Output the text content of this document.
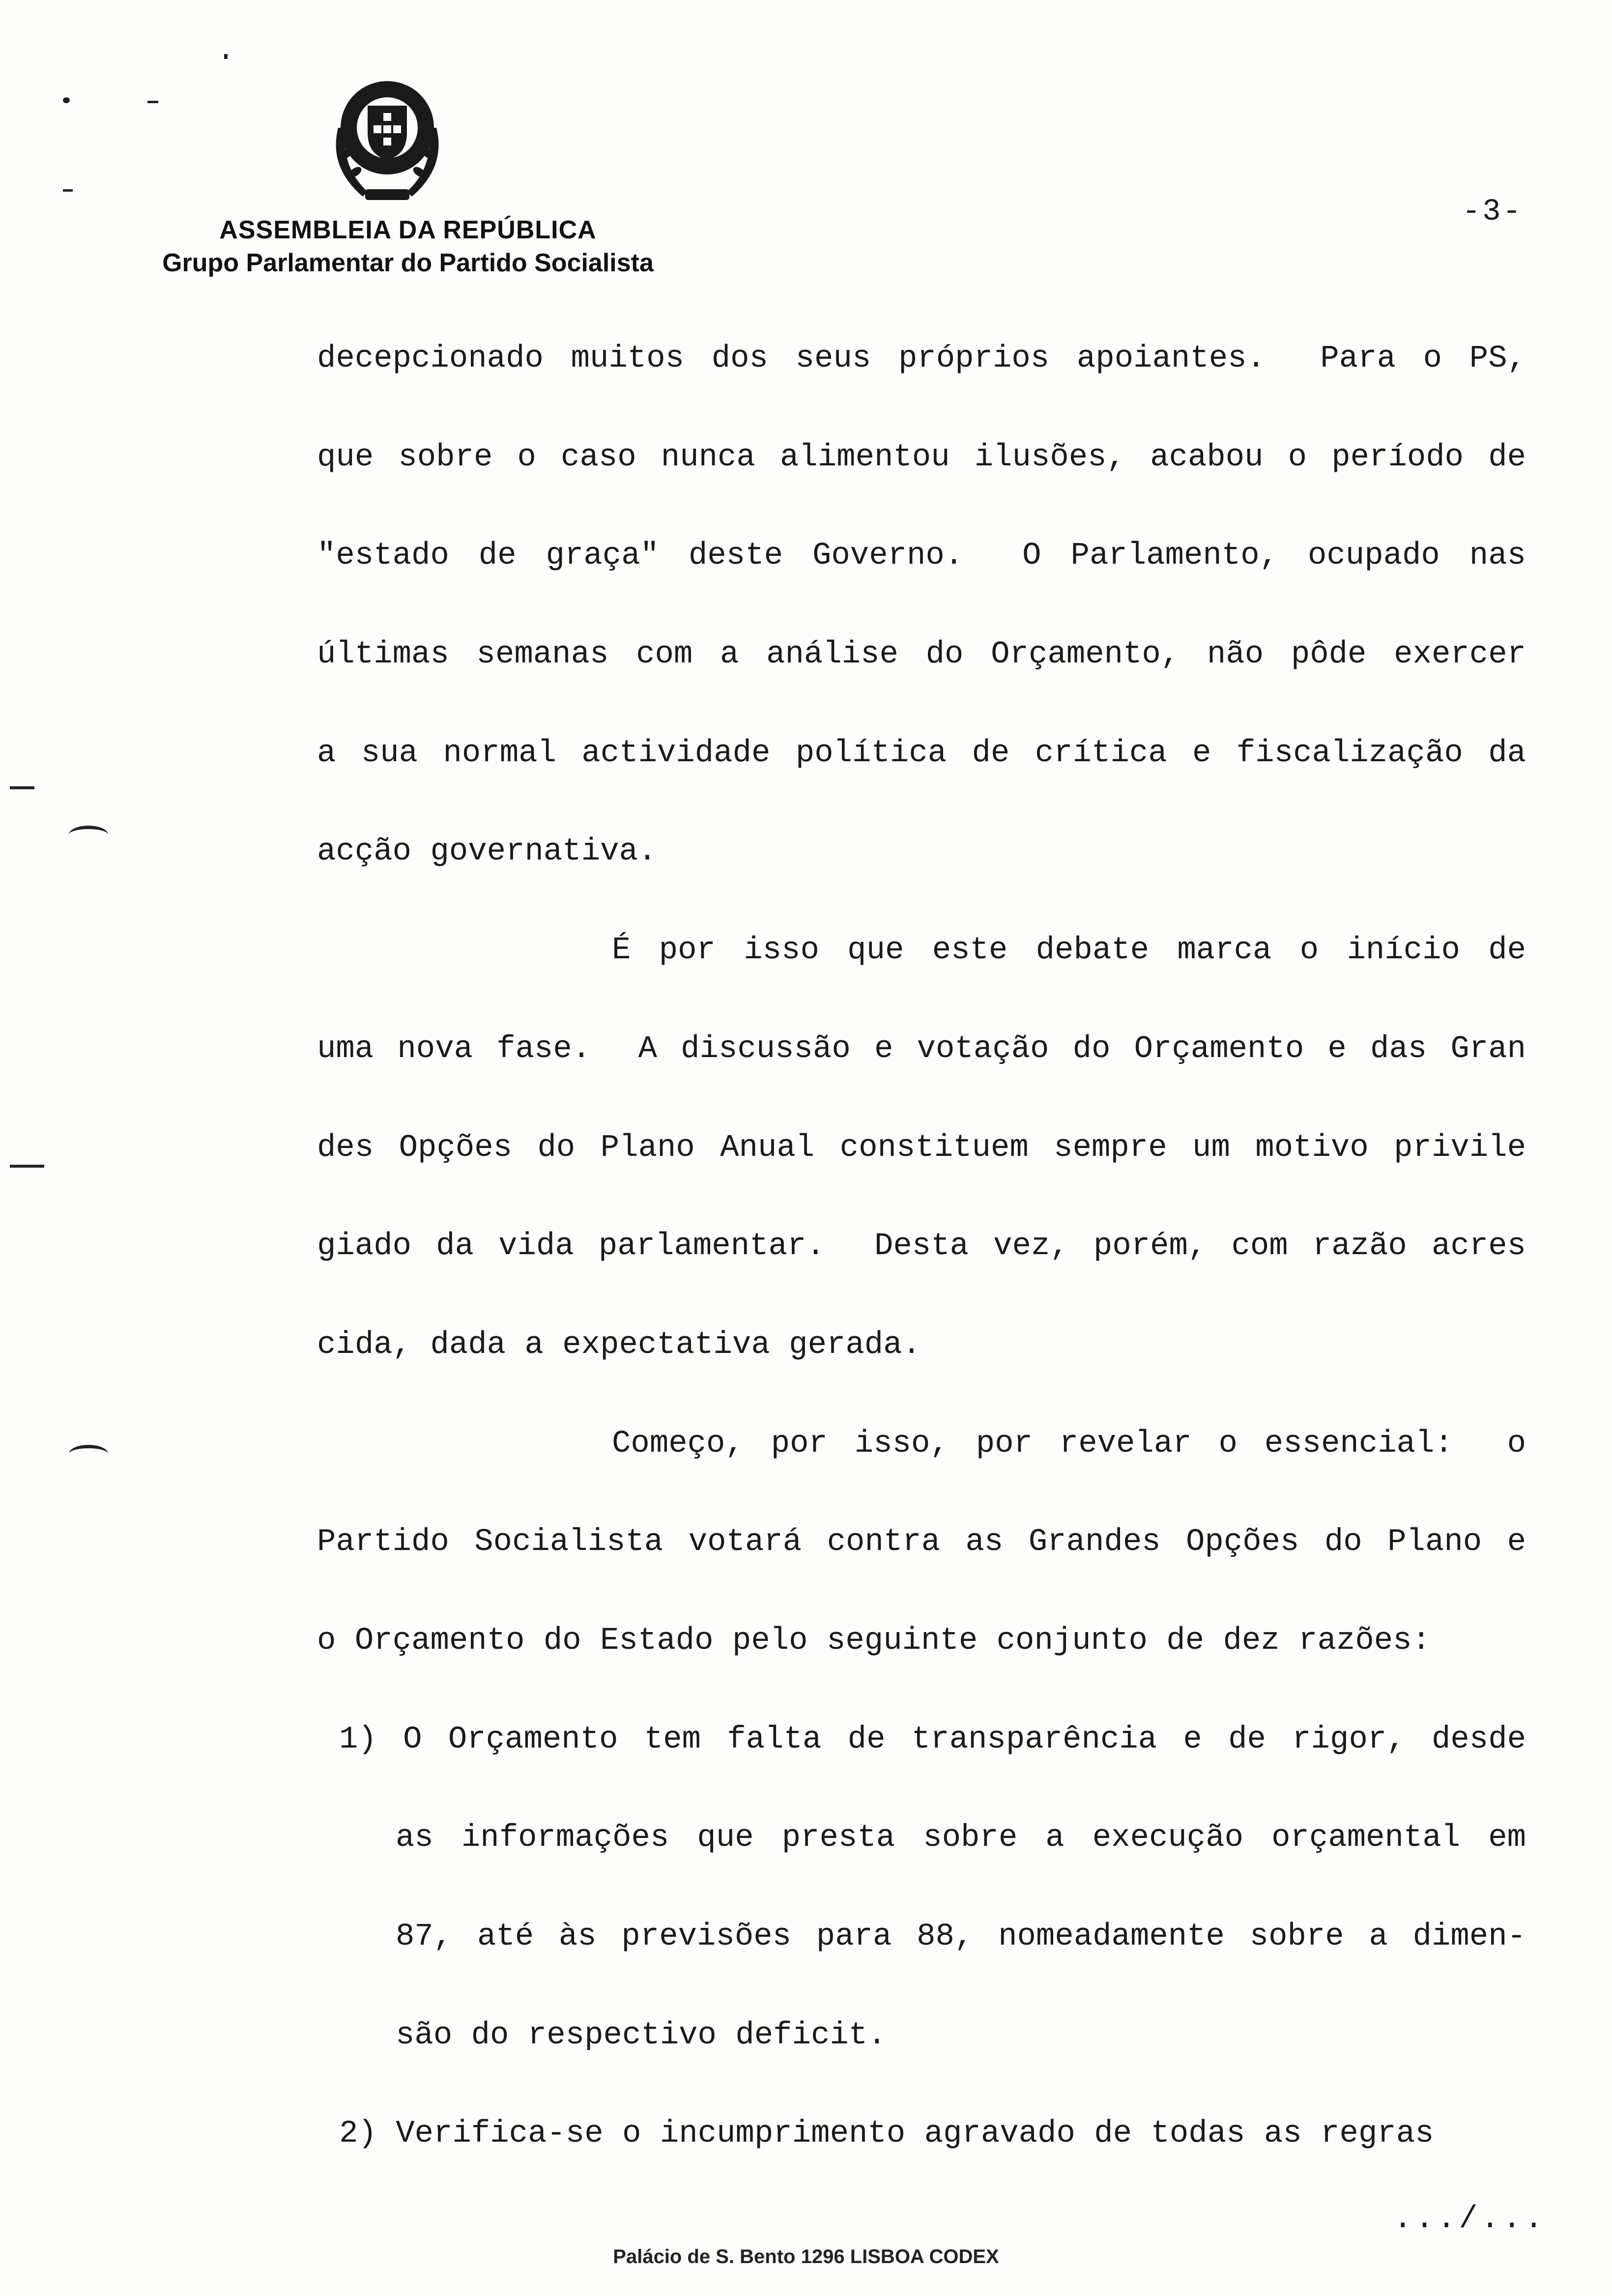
ASSEMBLEIA DA REPÚBLICA
Grupo Parlamentar do Partido Socialista
-3-
decepcionado muitos dos seus próprios apoiantes.  Para o PS,
que sobre o caso nunca alimentou ilusões, acabou o período de
"estado de graça" deste Governo.  O Parlamento, ocupado nas
últimas semanas com a análise do Orçamento, não pôde exercer
a sua normal actividade política de crítica e fiscalização da
acção governativa.
É por isso que este debate marca o início de
uma nova fase.  A discussão e votação do Orçamento e das Gran
des Opções do Plano Anual constituem sempre um motivo privile
giado da vida parlamentar.  Desta vez, porém, com razão acres
cida, dada a expectativa gerada.
Começo, por isso, por revelar o essencial:  o
Partido Socialista votará contra as Grandes Opções do Plano e
o Orçamento do Estado pelo seguinte conjunto de dez razões:
1) O Orçamento tem falta de transparência e de rigor, desde
as informações que presta sobre a execução orçamental em
87, até às previsões para 88, nomeadamente sobre a dimen-
são do respectivo deficit.
2) Verifica-se o incumprimento agravado de todas as regras
.../...
Palácio de S. Bento 1296 LISBOA CODEX
